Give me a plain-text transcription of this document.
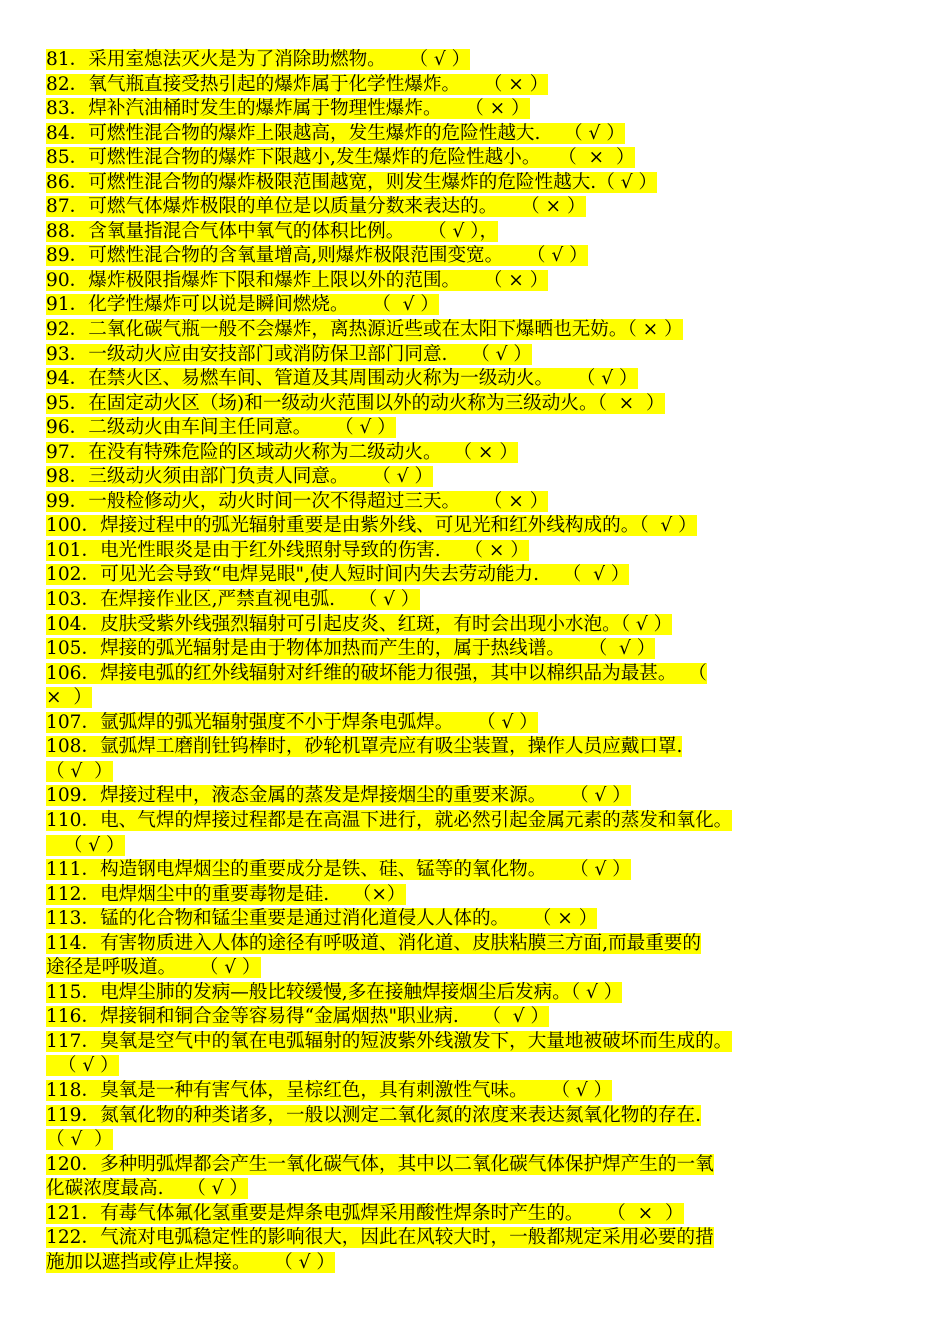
81．采用室熄法灭火是为了消除助燃物。    （ √ ）
82．氧气瓶直接受热引起的爆炸属于化学性爆炸。    （ × ）
83．焊补汽油桶时发生的爆炸属于物理性爆炸。    （ × ）
84．可燃性混合物的爆炸上限越高，发生爆炸的危险性越大.    （ √ ）
85．可燃性混合物的爆炸下限越小,发生爆炸的危险性越小。   （  ×  ）
86．可燃性混合物的爆炸极限范围越宽，则发生爆炸的危险性越大.（ √ ）
87．可燃气体爆炸极限的单位是以质量分数来表达的。    （ × ）
88．含氧量指混合气体中氧气的体积比例。    （ √ ），
89．可燃性混合物的含氧量增高,则爆炸极限范围变宽。    （ √ ）
90．爆炸极限指爆炸下限和爆炸上限以外的范围。    （ × ）
91．化学性爆炸可以说是瞬间燃烧。    （  √ ）
92．二氧化碳气瓶一般不会爆炸，离热源近些或在太阳下爆晒也无妨。（ × ）
93．一级动火应由安技部门或消防保卫部门同意.    （ √ ）
94．在禁火区、易燃车间、管道及其周围动火称为一级动火。    （ √ ）
95．在固定动火区（场)和一级动火范围以外的动火称为三级动火。（  ×  ）
96．二级动火由车间主任同意。    （ √ ）
97．在没有特殊危险的区域动火称为二级动火。  （ × ）
98．三级动火须由部门负责人同意。    （ √ ）
99．一般检修动火，动火时间一次不得超过三天。    （ × ）
100．焊接过程中的弧光辐射重要是由紫外线、可见光和红外线构成的。（  √ ）
101．电光性眼炎是由于红外线照射导致的伤害.    （ × ）
102．可见光会导致“电焊晃眼",使人短时间内失去劳动能力.    （  √ ）
103．在焊接作业区,严禁直视电弧.    （ √ ）
104．皮肤受紫外线强烈辐射可引起皮炎、红斑，有时会出现小水泡。（ √ ）
105．焊接的弧光辐射是由于物体加热而产生的，属于热线谱。    （  √ ）
106．焊接电弧的红外线辐射对纤维的破坏能力很强，其中以棉织品为最甚。  （
×  ）
107．氩弧焊的弧光辐射强度不小于焊条电弧焊。    （ √ ）
108．氩弧焊工磨削钍钨棒时，砂轮机罩壳应有吸尘装置，操作人员应戴口罩.
（ √  ）
109．焊接过程中，液态金属的蒸发是焊接烟尘的重要来源。    （ √ ）
110．电、气焊的焊接过程都是在高温下进行，就必然引起金属元素的蒸发和氧化。
（ √ ）
111．构造钢电焊烟尘的重要成分是铁、硅、锰等的氧化物。    （ √ ）
112．电焊烟尘中的重要毒物是硅.    （×）
113．锰的化合物和锰尘重要是通过消化道侵人人体的。    （ × ）
114．有害物质进入人体的途径有呼吸道、消化道、皮肤粘膜三方面,而最重要的
途径是呼吸道。    （ √ ）
115．电焊尘肺的发病—般比较缓慢,多在接触焊接烟尘后发病。（ √ ）
116．焊接铜和铜合金等容易得“金属烟热"职业病.    （  √ ）
117．臭氧是空气中的氧在电弧辐射的短波紫外线激发下，大量地被破坏而生成的。
（ √ ）
118．臭氧是一种有害气体，呈棕红色，具有刺激性气味。    （ √ ）
119．氮氧化物的种类诸多，一般以测定二氧化氮的浓度来表达氮氧化物的存在.
（ √  ）
120．多种明弧焊都会产生一氧化碳气体，其中以二氧化碳气体保护焊产生的一氧
化碳浓度最高.    （ √ ）
121．有毒气体氟化氢重要是焊条电弧焊采用酸性焊条时产生的。    （  ×  ）
122．气流对电弧稳定性的影响很大，因此在风较大时，一般都规定采用必要的措
施加以遮挡或停止焊接。    （ √ ）
